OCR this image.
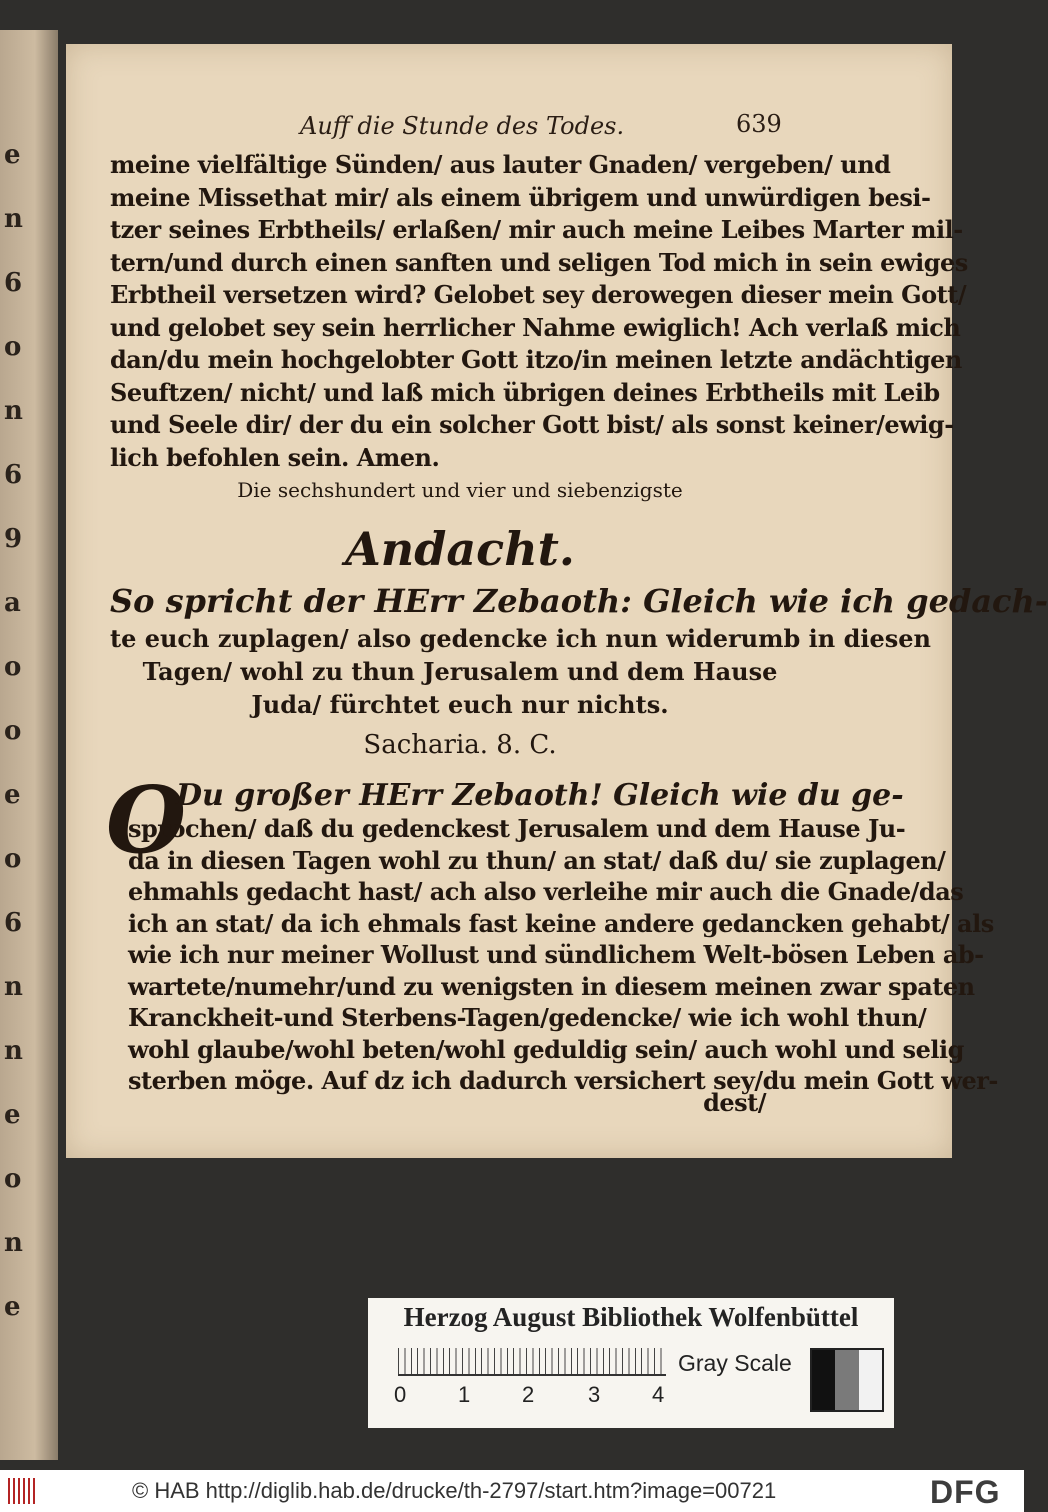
e
n
6
o
n
6
9
a
o
o
e
o
6
n
n
e
o
n
e
Auff die Stunde des Todes.	639
meine vielfältige Sünden/ aus lauter Gnaden/ vergeben/ und
meine Missethat mir/ als einem übrigem und unwürdigen besi-
tzer seines Erbtheils/ erlaßen/ mir auch meine Leibes Marter mil-
tern/und durch einen sanften und seligen Tod mich in sein ewiges
Erbtheil versetzen wird? Gelobet sey derowegen dieser mein Gott/
und gelobet sey sein herrlicher Nahme ewiglich! Ach verlaß mich
dan/du mein hochgelobter Gott itzo/in meinen letzte andächtigen
Seuftzen/ nicht/ und laß mich übrigen deines Erbtheils mit Leib
und Seele dir/ der du ein solcher Gott bist/ als sonst keiner/ewig-
lich befohlen sein. Amen.
Die sechshundert und vier und siebenzigste
Andacht.
So spricht der HErr Zebaoth: Gleich wie ich gedach-
te euch zuplagen/ also gedencke ich nun widerumb in diesen
Tagen/ wohl zu thun Jerusalem und dem Hause
Juda/ fürchtet euch nur nichts.
Sacharia. 8. C.
O
Du großer HErr Zebaoth! Gleich wie du ge-
sprochen/ daß du gedenckest Jerusalem und dem Hause Ju-
da in diesen Tagen wohl zu thun/ an stat/ daß du/ sie zuplagen/
ehmahls gedacht hast/ ach also verleihe mir auch die Gnade/das
ich an stat/ da ich ehmals fast keine andere gedancken gehabt/ als
wie ich nur meiner Wollust und sündlichem Welt-bösen Leben ab-
wartete/numehr/und zu wenigsten in diesem meinen zwar spaten
Kranckheit-und Sterbens-Tagen/gedencke/ wie ich wohl thun/
wohl glaube/wohl beten/wohl geduldig sein/ auch wohl und selig
sterben möge. Auf dz ich dadurch versichert sey/du mein Gott wer-
dest/
Herzog August Bibliothek Wolfenbüttel
0 1 2 3 4
Gray Scale
© HAB http://diglib.hab.de/drucke/th-2797/start.htm?image=00721	DFG
